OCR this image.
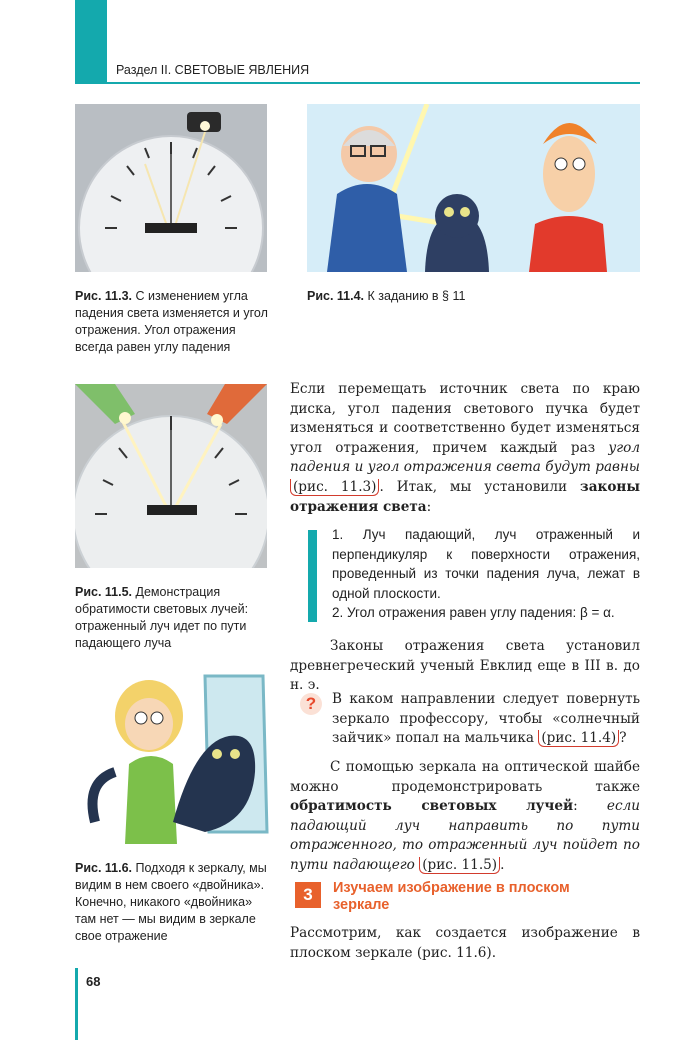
Раздел II. СВЕТОВЫЕ ЯВЛЕНИЯ
Рис. 11.3. С изменением угла падения света изменяется и угол отражения. Угол отражения всегда равен углу падения
Рис. 11.4. К заданию в § 11
Рис. 11.5. Демонстрация обратимости световых лучей: отраженный луч идет по пути падающего луча
Рис. 11.6. Подходя к зеркалу, мы видим в нем своего «двойника». Конечно, никакого «двойника» там нет — мы видим в зеркале свое отражение
Если перемещать источник света по краю диска, угол падения светового пучка будет изменяться и соответственно будет изменяться угол отражения, причем каждый раз угол падения и угол отражения света будут равны (рис. 11.3) . Итак, мы установили законы отражения света:
1. Луч падающий, луч отраженный и перпендикуляр к поверхности отражения, проведенный из точки падения луча, лежат в одной плоскости.
2. Угол отражения равен углу падения: β = α.
Законы отражения света установил древнегреческий ученый Евклид еще в III в. до н. э.
?	В каком направлении следует повернуть зеркало профессору, чтобы «солнечный зайчик» попал на мальчика (рис. 11.4) ?
С помощью зеркала на оптической шайбе можно продемонстрировать также обратимость световых лучей: если падающий луч направить по пути отраженного, то отраженный луч пойдет по пути падающего (рис. 11.5) .
3	Изучаем изображение в плоском зеркале
Рассмотрим, как создается изображение в плоском зеркале (рис. 11.6).
68
